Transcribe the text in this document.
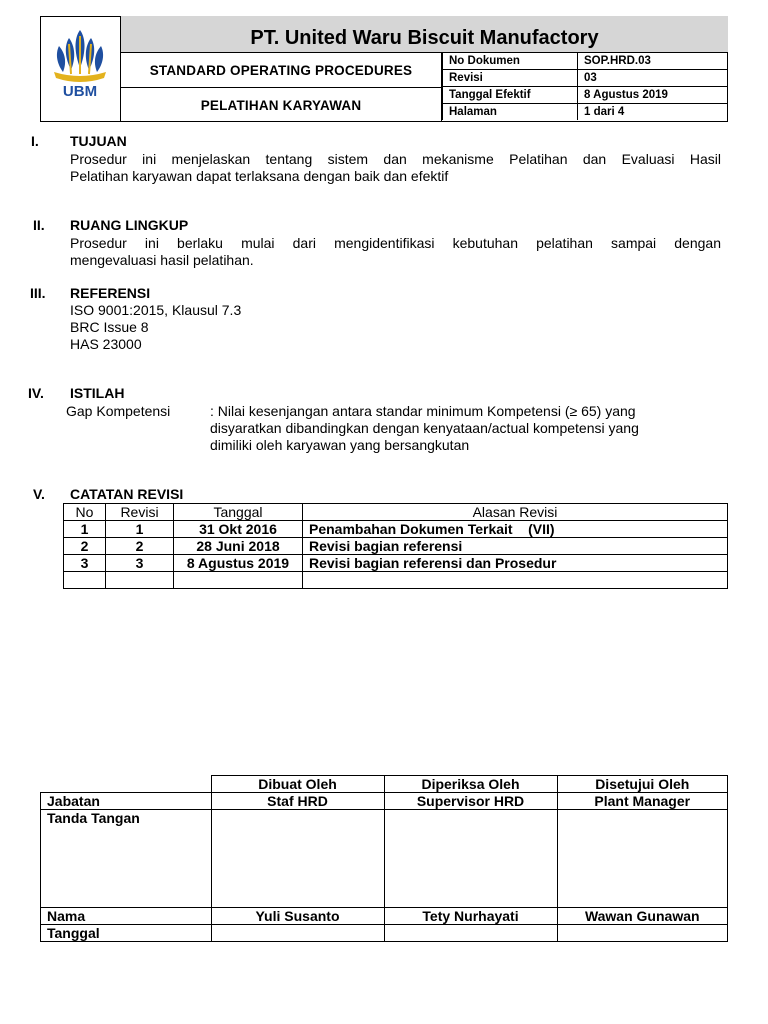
UBM
PT. United Waru Biscuit Manufactory
STANDARD OPERATING PROCEDURES
PELATIHAN KARYAWAN
No Dokumen	SOP.HRD.03
Revisi	03
Tanggal Efektif	8 Agustus 2019
Halaman	1 dari 4
I. TUJUAN
Prosedur ini menjelaskan tentang sistem dan mekanisme Pelatihan dan Evaluasi Hasil
Pelatihan karyawan dapat terlaksana dengan baik dan efektif
II. RUANG LINGKUP
Prosedur ini berlaku mulai dari mengidentifikasi kebutuhan pelatihan sampai dengan
mengevaluasi hasil pelatihan.
III. REFERENSI
ISO 9001:2015, Klausul 7.3
BRC Issue 8
HAS 23000
IV. ISTILAH
Gap Kompetensi	: Nilai kesenjangan antara standar minimum Kompetensi (≥ 65) yang
disyaratkan dibandingkan dengan kenyataan/actual kompetensi yang
dimiliki oleh karyawan yang bersangkutan
V. CATATAN REVISI
No	Revisi	Tanggal	Alasan Revisi
1	1	31 Okt 2016	Penambahan Dokumen Terkait    (VII)
2	2	28 Juni 2018	Revisi bagian referensi
3	3	8 Agustus 2019	Revisi bagian referensi dan Prosedur

	Dibuat Oleh	Diperiksa Oleh	Disetujui Oleh
Jabatan	Staf HRD	Supervisor HRD	Plant Manager
Tanda Tangan			
Nama	Yuli Susanto	Tety Nurhayati	Wawan Gunawan
Tanggal			
